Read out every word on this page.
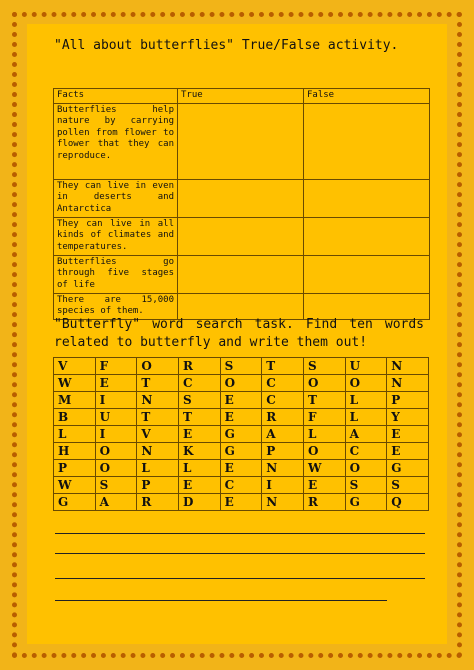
"All about butterflies" True/False activity.
Facts	True	False
Butterflies help nature by carrying pollen from flower to flower that they can reproduce.		
They can live in even in deserts and Antarctica		
They can live in all kinds of climates and temperatures.		
Butterflies go through five stages of life		
There are 15,000 species of them.		
"Butterfly" word search task. Find ten words related to butterfly and write them out!
V	F	O	R	S	T	S	U	N
W	E	T	C	O	C	O	O	N
M	I	N	S	E	C	T	L	P
B	U	T	T	E	R	F	L	Y
L	I	V	E	G	A	L	A	E
H	O	N	K	G	P	O	C	E
P	O	L	L	E	N	W	O	G
W	S	P	E	C	I	E	S	S
G	A	R	D	E	N	R	G	Q
